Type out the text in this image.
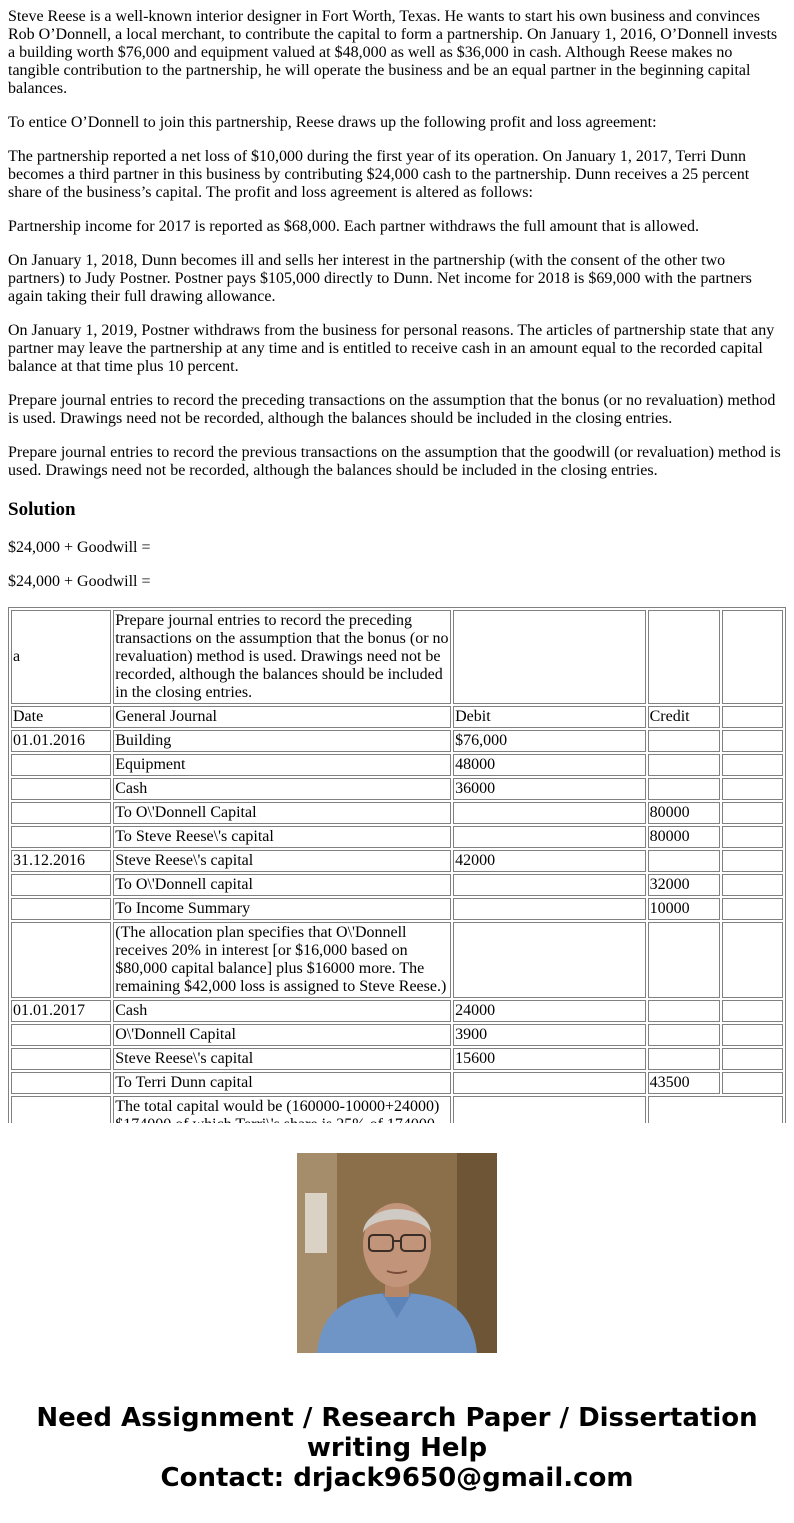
Steve Reese is a well-known interior designer in Fort Worth, Texas. He wants to start his own business and convinces Rob O’Donnell, a local merchant, to contribute the capital to form a partnership. On January 1, 2016, O’Donnell invests a building worth $76,000 and equipment valued at $48,000 as well as $36,000 in cash. Although Reese makes no tangible contribution to the partnership, he will operate the business and be an equal partner in the beginning capital balances.

To entice O’Donnell to join this partnership, Reese draws up the following profit and loss agreement:

The partnership reported a net loss of $10,000 during the first year of its operation. On January 1, 2017, Terri Dunn becomes a third partner in this business by contributing $24,000 cash to the partnership. Dunn receives a 25 percent share of the business’s capital. The profit and loss agreement is altered as follows:

Partnership income for 2017 is reported as $68,000. Each partner withdraws the full amount that is allowed.

On January 1, 2018, Dunn becomes ill and sells her interest in the partnership (with the consent of the other two partners) to Judy Postner. Postner pays $105,000 directly to Dunn. Net income for 2018 is $69,000 with the partners again taking their full drawing allowance.

On January 1, 2019, Postner withdraws from the business for personal reasons. The articles of partnership state that any partner may leave the partnership at any time and is entitled to receive cash in an amount equal to the recorded capital balance at that time plus 10 percent.

Prepare journal entries to record the preceding transactions on the assumption that the bonus (or no revaluation) method is used. Drawings need not be recorded, although the balances should be included in the closing entries.

Prepare journal entries to record the previous transactions on the assumption that the goodwill (or revaluation) method is used. Drawings need not be recorded, although the balances should be included in the closing entries.

Solution

$24,000 + Goodwill =

$24,000 + Goodwill =

a	Prepare journal entries to record the preceding transactions on the assumption that the bonus (or no revaluation) method is used. Drawings need not be recorded, although the balances should be included in the closing entries.			
Date	General Journal	Debit	Credit	
01.01.2016	Building	$76,000		
	Equipment	48000		
	Cash	36000		
	To O\'Donnell Capital		80000	
	To Steve Reese\'s capital		80000	
31.12.2016	Steve Reese\'s capital	42000		
	To O\'Donnell capital		32000	
	To Income Summary		10000	
	(The allocation plan specifies that O\'Donnell receives 20% in interest [or $16,000 based on $80,000 capital balance] plus $16000 more. The remaining $42,000 loss is assigned to Steve Reese.)			
01.01.2017	Cash	24000		
	O\'Donnell Capital	3900		
	Steve Reese\'s capital	15600		
	To Terri Dunn capital		43500	
	The total capital would be (160000-10000+24000)			
Need Assignment / Research Paper / Dissertation
writing Help
Contact: drjack9650@gmail.com
